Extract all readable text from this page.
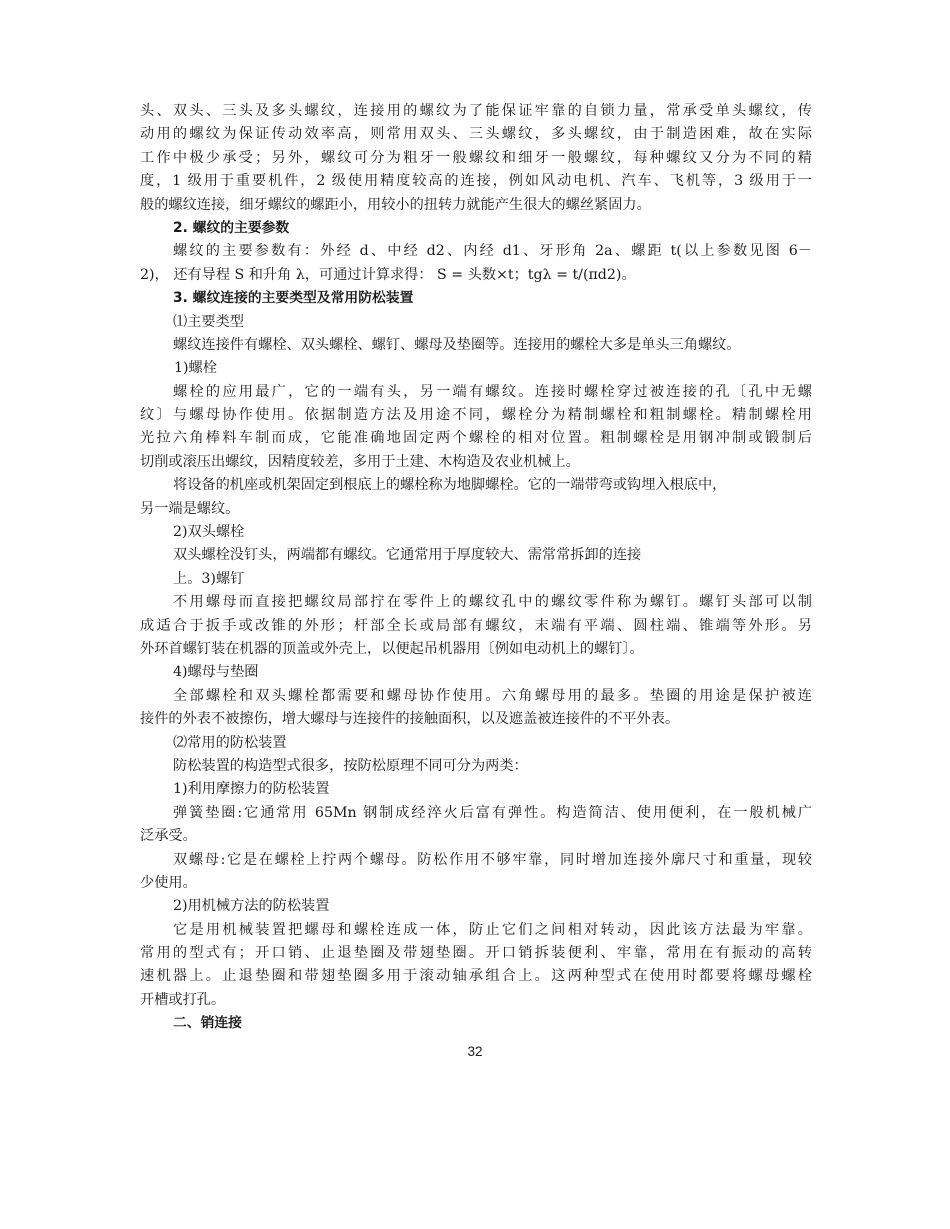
头、双头、三头及多头螺纹，连接用的螺纹为了能保证牢靠的自锁力量，常承受单头螺纹，传
动用的螺纹为保证传动效率高，则常用双头、三头螺纹，多头螺纹，由于制造困难，故在实际
工作中极少承受；另外，螺纹可分为粗牙一般螺纹和细牙一般螺纹，每种螺纹又分为不同的精
度，1 级用于重要机件，2 级使用精度较高的连接，例如风动电机、汽车、飞机等，3 级用于一
般的螺纹连接，细牙螺纹的螺距小，用较小的扭转力就能产生很大的螺丝紧固力。
2. 螺纹的主要参数
螺纹的主要参数有：外经 d、中经 d2、内经 d1、牙形角 2a、螺距 t(以上参数见图 6－
2)， 还有导程 S 和升角 λ，可通过计算求得： S = 头数×t；tgλ = t/(πd2)。
3. 螺纹连接的主要类型及常用防松装置
⑴主要类型
螺纹连接件有螺栓、双头螺栓、螺钉、螺母及垫圈等。连接用的螺栓大多是单头三角螺纹。
1)螺栓
螺栓的应用最广，它的一端有头，另一端有螺纹。连接时螺栓穿过被连接的孔〔孔中无螺
纹〕与螺母协作使用。依据制造方法及用途不同，螺栓分为精制螺栓和粗制螺栓。精制螺栓用
光拉六角棒料车制而成，它能准确地固定两个螺栓的相对位置。粗制螺栓是用钢冲制或锻制后
切削或滚压出螺纹，因精度较差，多用于土建、木构造及农业机械上。
将设备的机座或机架固定到根底上的螺栓称为地脚螺栓。它的一端带弯或钩埋入根底中，
另一端是螺纹。
2)双头螺栓
双头螺栓没钉头，两端都有螺纹。它通常用于厚度较大、需常常拆卸的连接
上。3)螺钉
不用螺母而直接把螺纹局部拧在零件上的螺纹孔中的螺纹零件称为螺钉。螺钉头部可以制
成适合于扳手或改锥的外形；杆部全长或局部有螺纹，末端有平端、圆柱端、锥端等外形。另
外环首螺钉装在机器的顶盖或外壳上，以便起吊机器用〔例如电动机上的螺钉〕。
4)螺母与垫圈
全部螺栓和双头螺栓都需要和螺母协作使用。六角螺母用的最多。垫圈的用途是保护被连
接件的外表不被擦伤，增大螺母与连接件的接触面积，以及遮盖被连接件的不平外表。
⑵常用的防松装置
防松装置的构造型式很多，按防松原理不同可分为两类：
1)利用摩擦力的防松装置
弹簧垫圈:它通常用 65Mn 钢制成经淬火后富有弹性。构造简洁、使用便利，在一般机械广
泛承受。
双螺母:它是在螺栓上拧两个螺母。防松作用不够牢靠，同时增加连接外廓尺寸和重量，现较
少使用。
2)用机械方法的防松装置
它是用机械装置把螺母和螺栓连成一体，防止它们之间相对转动，因此该方法最为牢靠。
常用的型式有；开口销、止退垫圈及带翅垫圈。开口销拆装便利、牢靠，常用在有振动的高转
速机器上。止退垫圈和带翅垫圈多用于滚动轴承组合上。这两种型式在使用时都要将螺母螺栓
开槽或打孔。
二、销连接
32
